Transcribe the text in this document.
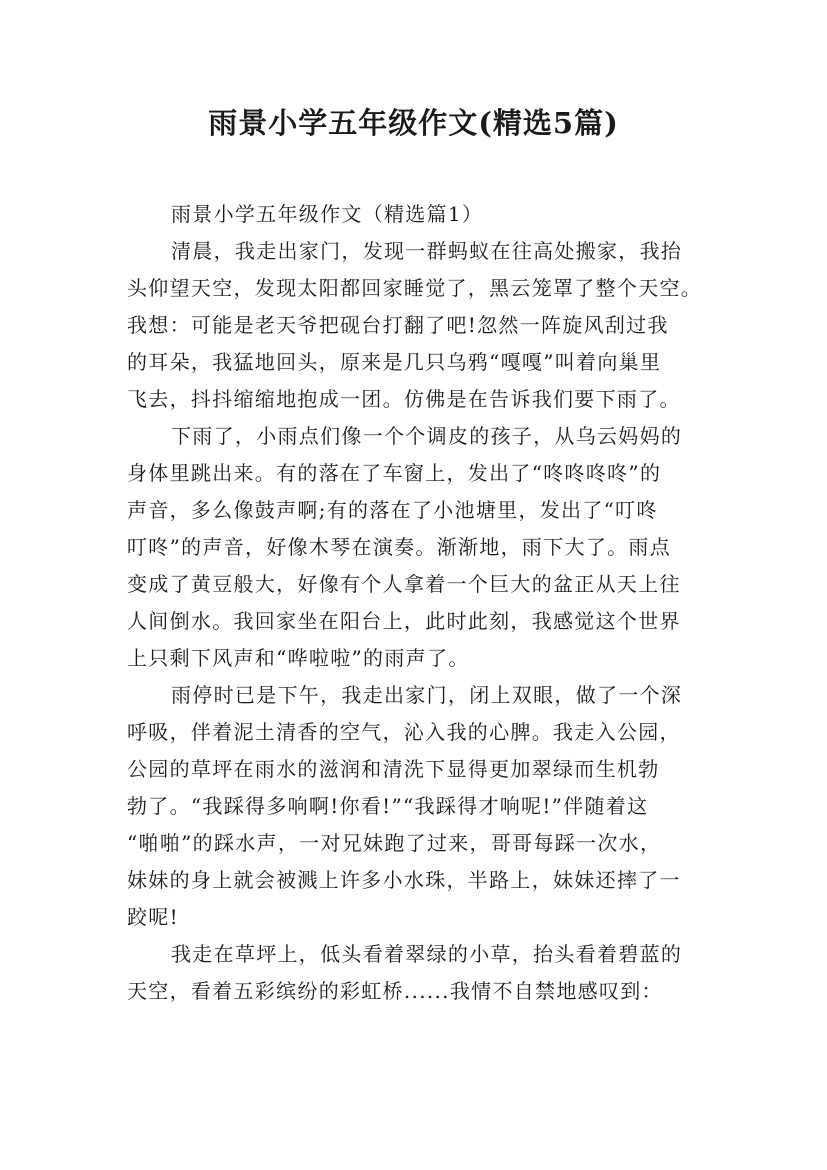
雨景小学五年级作文(精选5篇)
雨景小学五年级作文（精选篇1）
清晨，我走出家门，发现一群蚂蚁在往高处搬家，我抬
头仰望天空，发现太阳都回家睡觉了，黑云笼罩了整个天空。
我想：可能是老天爷把砚台打翻了吧!忽然一阵旋风刮过我
的耳朵，我猛地回头，原来是几只乌鸦“嘎嘎”叫着向巢里
飞去，抖抖缩缩地抱成一团。仿佛是在告诉我们要下雨了。
下雨了，小雨点们像一个个调皮的孩子，从乌云妈妈的
身体里跳出来。有的落在了车窗上，发出了“咚咚咚咚”的
声音，多么像鼓声啊;有的落在了小池塘里，发出了“叮咚
叮咚”的声音，好像木琴在演奏。渐渐地，雨下大了。雨点
变成了黄豆般大，好像有个人拿着一个巨大的盆正从天上往
人间倒水。我回家坐在阳台上，此时此刻，我感觉这个世界
上只剩下风声和“哗啦啦”的雨声了。
雨停时已是下午，我走出家门，闭上双眼，做了一个深
呼吸，伴着泥土清香的空气，沁入我的心脾。我走入公园，
公园的草坪在雨水的滋润和清洗下显得更加翠绿而生机勃
勃了。“我踩得多响啊!你看!”“我踩得才响呢!”伴随着这
“啪啪”的踩水声，一对兄妹跑了过来，哥哥每踩一次水，
妹妹的身上就会被溅上许多小水珠，半路上，妹妹还摔了一
跤呢!
我走在草坪上，低头看着翠绿的小草，抬头看着碧蓝的
天空，看着五彩缤纷的彩虹桥......我情不自禁地感叹到：
